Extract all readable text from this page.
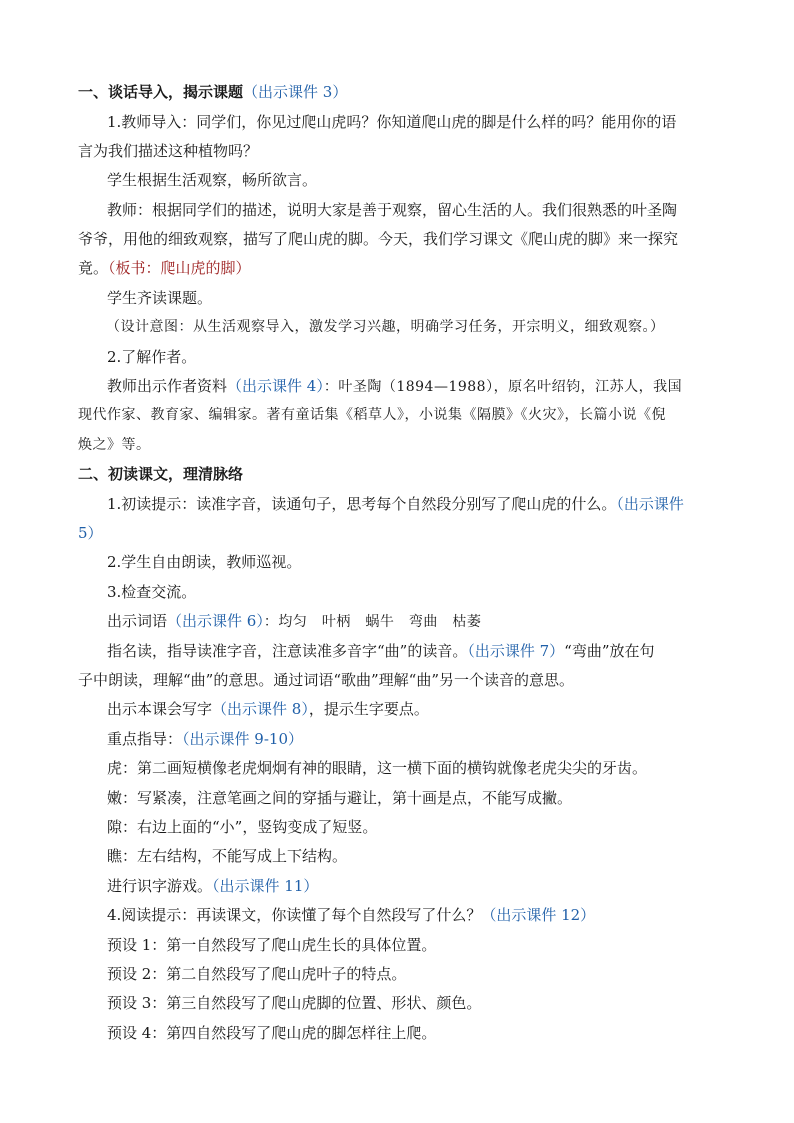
一、谈话导入，揭示课题（出示课件 3）
1.教师导入：同学们，你见过爬山虎吗？你知道爬山虎的脚是什么样的吗？能用你的语
言为我们描述这种植物吗？
学生根据生活观察，畅所欲言。
教师：根据同学们的描述，说明大家是善于观察，留心生活的人。我们很熟悉的叶圣陶
爷爷，用他的细致观察，描写了爬山虎的脚。今天，我们学习课文《爬山虎的脚》来一探究
竟。（板书：爬山虎的脚）
学生齐读课题。
（设计意图：从生活观察导入，激发学习兴趣，明确学习任务，开宗明义，细致观察。）
2.了解作者。
教师出示作者资料（出示课件 4）：叶圣陶（1894—1988），原名叶绍钧，江苏人，我国
现代作家、教育家、编辑家。著有童话集《稻草人》，小说集《隔膜》《火灾》，长篇小说《倪
焕之》等。
二、初读课文，理清脉络
1.初读提示：读准字音，读通句子，思考每个自然段分别写了爬山虎的什么。（出示课件
5）
2.学生自由朗读，教师巡视。
3.检查交流。
出示词语（出示课件 6）：均匀　叶柄　蜗牛　弯曲　枯萎
指名读，指导读准字音，注意读准多音字“曲”的读音。（出示课件 7）“弯曲”放在句
子中朗读，理解“曲”的意思。通过词语“歌曲”理解“曲”另一个读音的意思。
出示本课会写字（出示课件 8），提示生字要点。
重点指导：（出示课件 9-10）
虎：第二画短横像老虎炯炯有神的眼睛，这一横下面的横钩就像老虎尖尖的牙齿。
嫩：写紧凑，注意笔画之间的穿插与避让，第十画是点，不能写成撇。
隙：右边上面的“小”，竖钩变成了短竖。
瞧：左右结构，不能写成上下结构。
进行识字游戏。（出示课件 11）
4.阅读提示：再读课文，你读懂了每个自然段写了什么？（出示课件 12）
预设 1：第一自然段写了爬山虎生长的具体位置。
预设 2：第二自然段写了爬山虎叶子的特点。
预设 3：第三自然段写了爬山虎脚的位置、形状、颜色。
预设 4：第四自然段写了爬山虎的脚怎样往上爬。
